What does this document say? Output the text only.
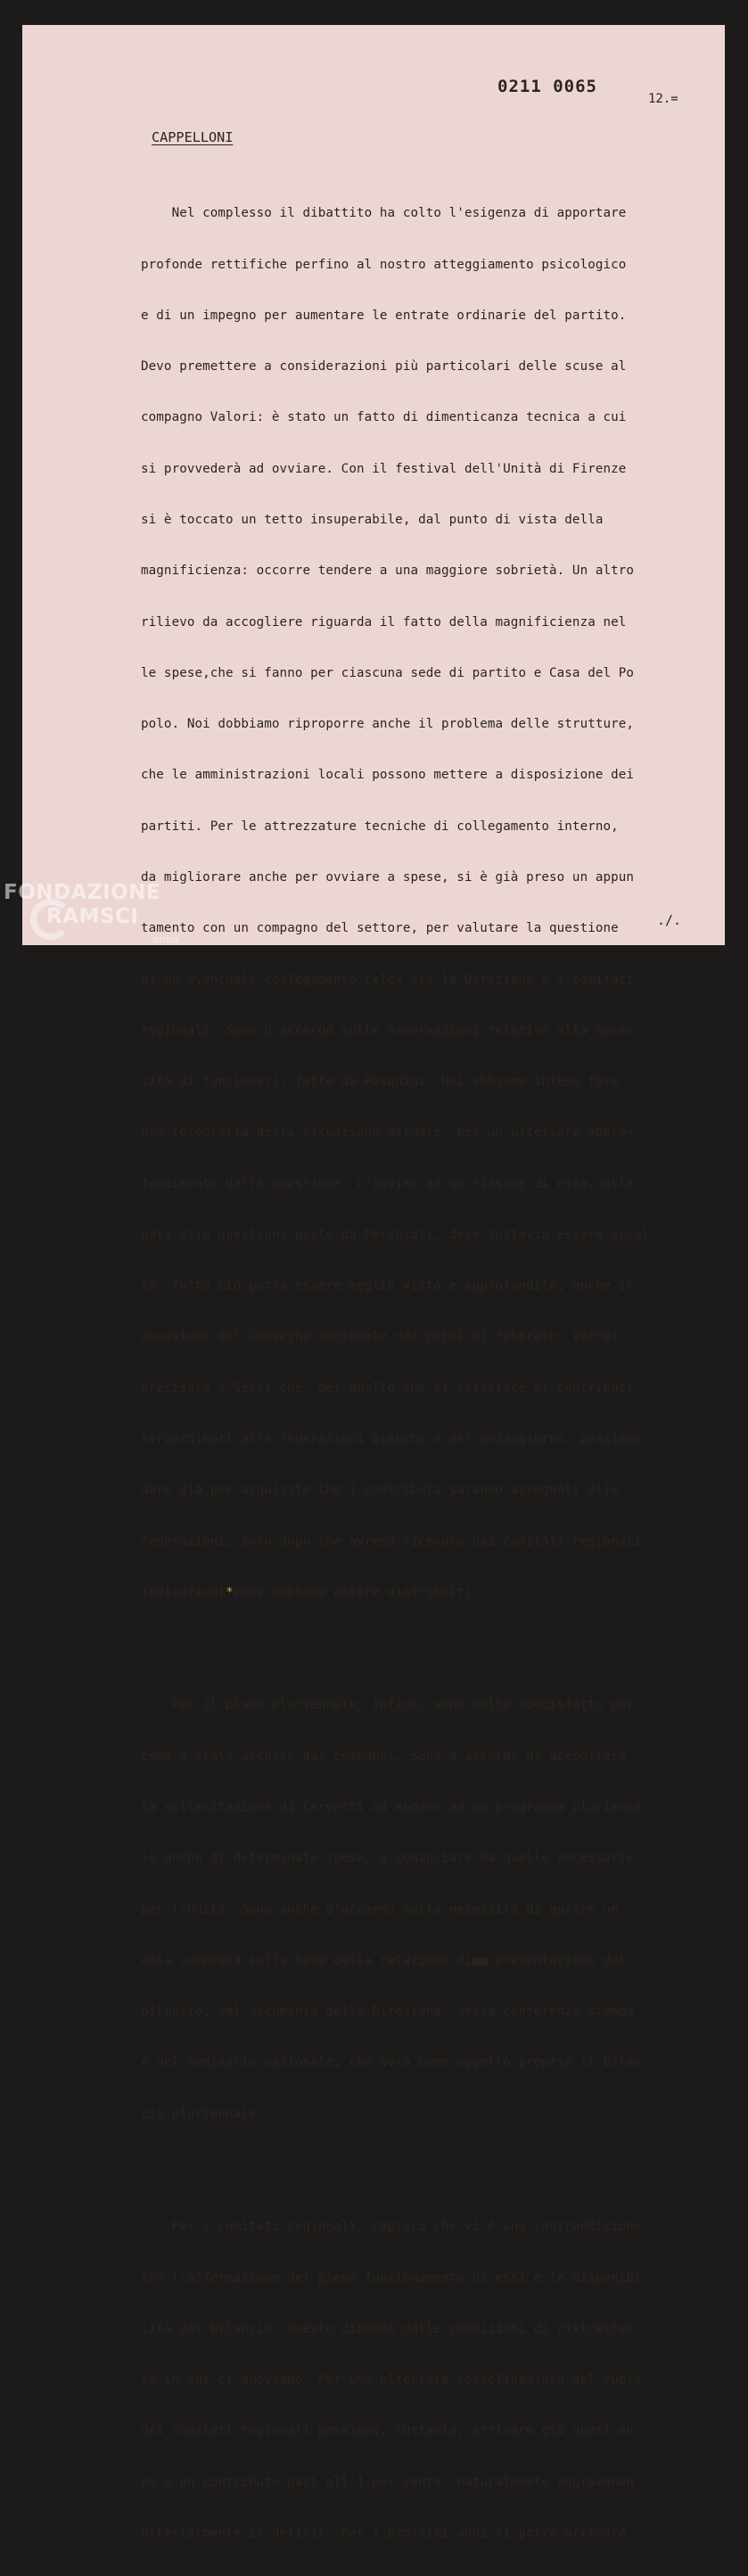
0211 0065
12.=
CAPPELLONI

Nel complesso il dibattito ha colto l'esigenza di apportare

profonde rettifiche perfino al nostro atteggiamento psicologico

e di un impegno per aumentare le entrate ordinarie del partito.

Devo premettere a considerazioni più particolari delle scuse al

compagno Valori: è stato un fatto di dimenticanza tecnica a cui

si provvederà ad ovviare. Con il festival dell'Unità di Firenze

si è toccato un tetto insuperabile, dal punto di vista della

magnificienza: occorre tendere a una maggiore sobrietà. Un altro

rilievo da accogliere riguarda il fatto della magnificienza nel

le spese,che si fanno per ciascuna sede di partito e Casa del Po

polo. Noi dobbiamo riproporre anche il problema delle strutture,

che le amministrazioni locali possono mettere a disposizione dei

partiti. Per le attrezzature tecniche di collegamento interno,

da migliorare anche per ovviare a spese, si è già preso un appun

tamento con un compagno del settore, per valutare la questione

di un eventuale collegamento telex tra la Direzione e i comitati

regionali. Sono d'accordo sulle osservazioni relative alla neces

sità di funzionari, fatte da Pasquini. Noi abbiamo inteso fare

una fotografia della situazione attuale, per un ulteriore appro-

fondimento della questione. L'invito ad un riesame di essa,colle

gata alle questioni poste da Pecchioli, deve tuttavia essere accol

to. Tutto ciò potrà essere meglio visto e approfondito, anche in

occasione del Convegno nazionale dei primi di febbraio. Vorrei

precisare a Serri che, per quello che si riferisce ai contributi

straordinari alle federazioni bianche e del mezzogiorno, possiamo

dare già per acquisito che i contributi saranno assegnati alle

federazioni, solo dopo che avremo ricevuto dai comitati regionali

indicazioni*come debbono essere distribuiti.

Per il piano pluriennale, infine, sono molto soddisfatto per

come è stato accolto dai compagni. Sono d'accordo di accogliere

la sollecitazione di Cervetti ad andare ad un programma plurienna

le anche di determinate spese, a cominciare da quelle necessarie

per l'Unità. Sono anche d'accordo sulla necessità di aprire un

apia campagna sulla base della relazione di■■ presentazione del

bilancio, del documento della Direzione, della conferenza stampa

e del seminario nazionale, che avrà come oggetto proprio il bilan

cio pluriennale.

Per i comitati regionali, capisco che vi è una contraddizione

tra l'affermazione del pieno funzionamento di essi e le disponibi

lità del bilancio. Questo dipende dalle condizioni di ristrettez-

za in cui ci muoviamo. Per una ulteriore sottolineatura del ruolo

dei comitati regionali possiamo, tuttavia, arrivare già quest'an

no a un contributo pari all'1 per cento, naturalmente aggravando

ulteriormente il deficit. Per i prossimi anni si potrà arrivare

./.
FONDAZIONE
RAMSCI
onlus
